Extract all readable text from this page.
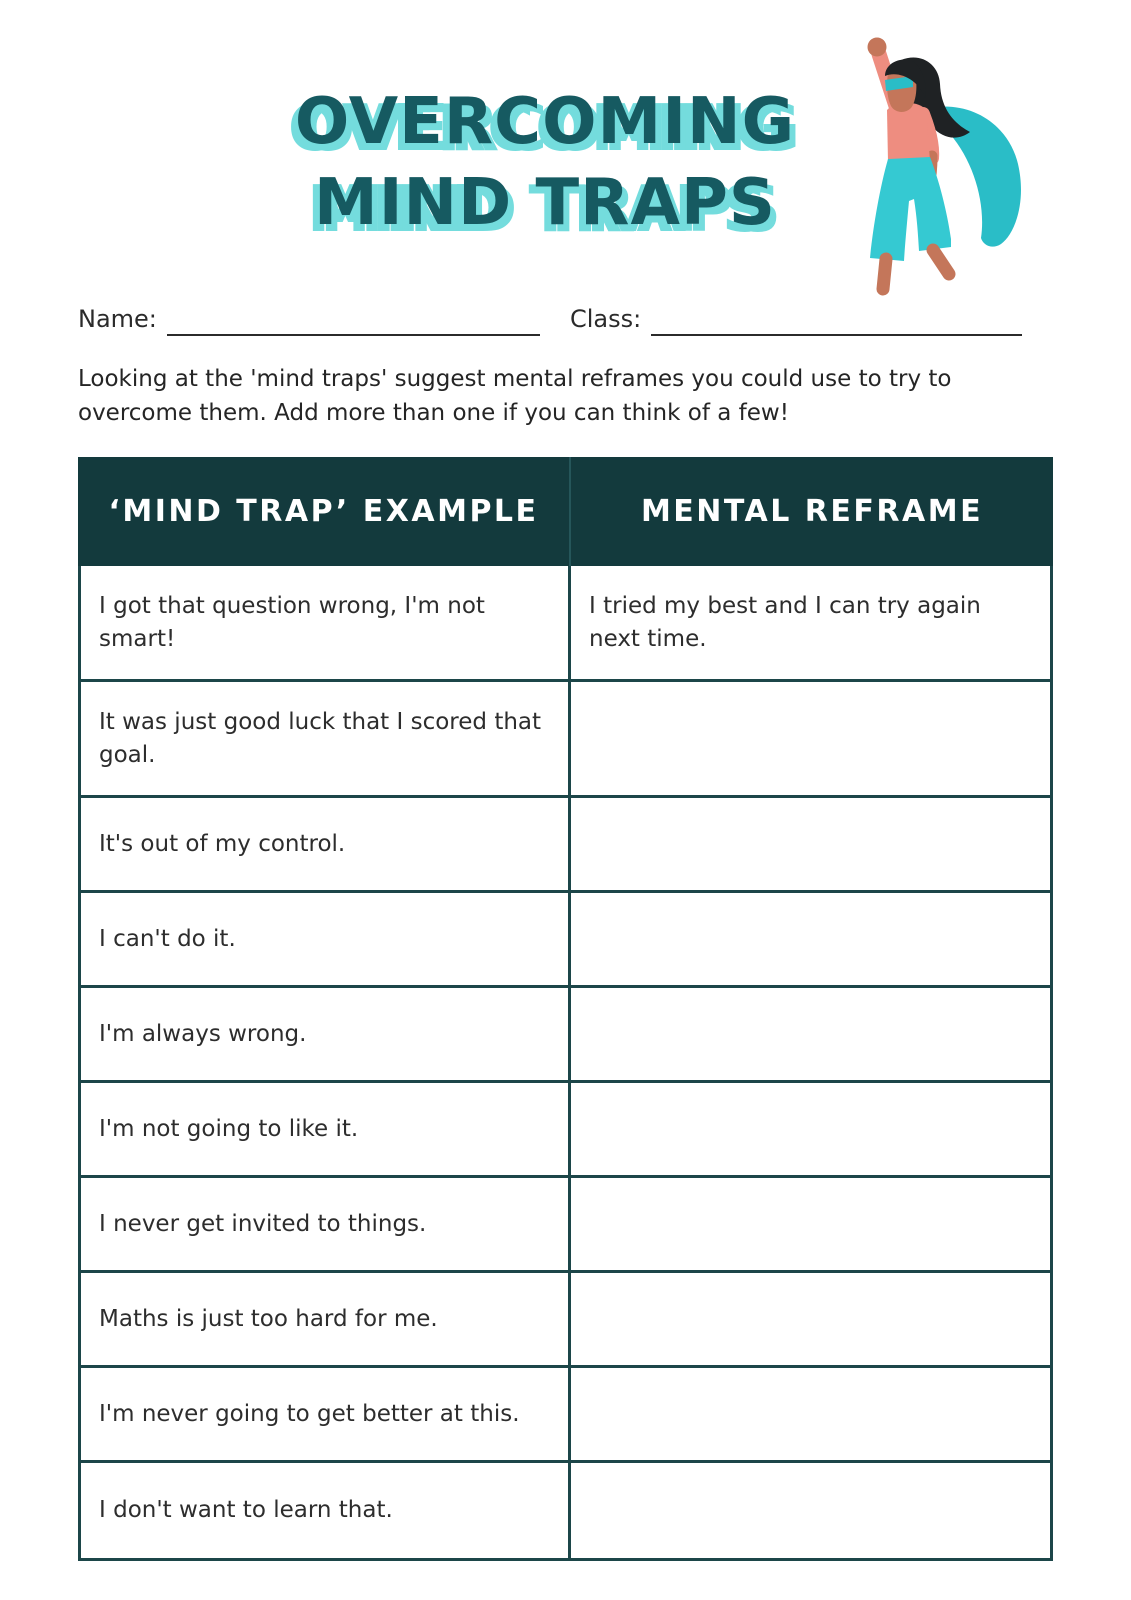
OVERCOMING
MIND TRAPS
Name:	Class:

Looking at the 'mind traps' suggest mental reframes you could use to try to overcome them. Add more than one if you can think of a few!

‘MIND TRAP’ EXAMPLE	MENTAL REFRAME
I got that question wrong, I'm not smart!
I tried my best and I can try again next time.
It was just good luck that I scored that goal.
It's out of my control.
I can't do it.
I'm always wrong.
I'm not going to like it.
I never get invited to things.
Maths is just too hard for me.
I'm never going to get better at this.
I don't want to learn that.
